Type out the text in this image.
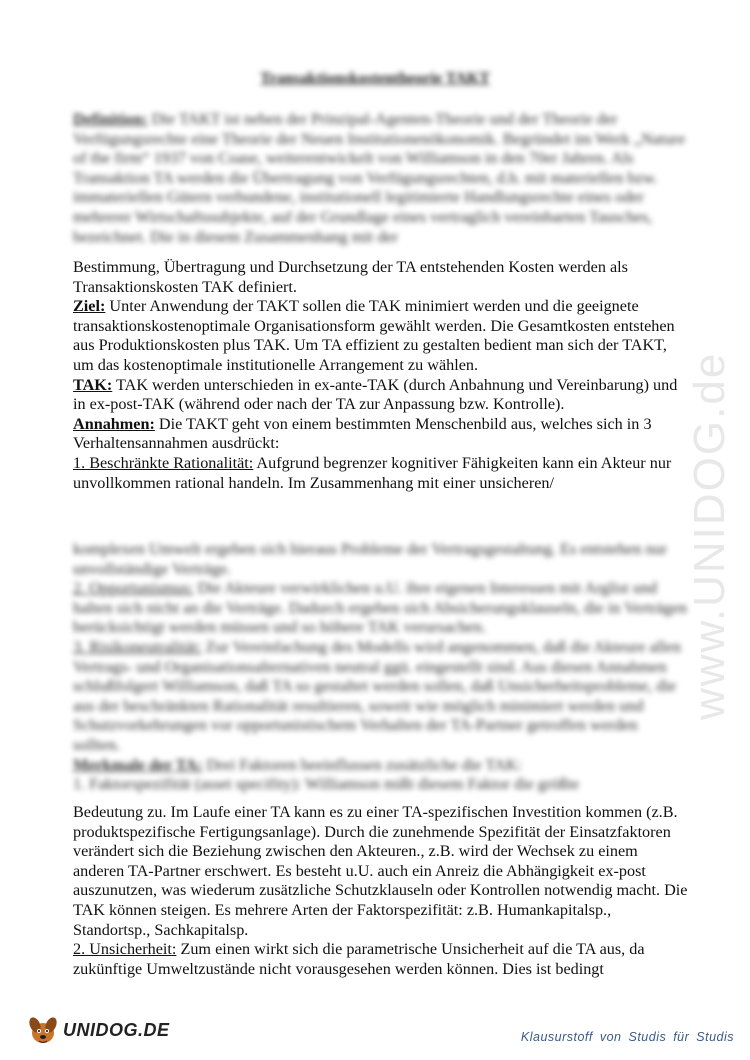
Transaktionskostentheorie TAKT
Definition: Die TAKT ist neben der Prinzipal-Agenten-Theorie und der Theorie der Verfügungsrechte eine Theorie der Neuen Institutionenökonomik. Begründet im Werk „Nature of the firm“ 1937 von Coase, weiterentwickelt von Williamson in den 70er Jahren. Als Transaktion TA werden die Übertragung von Verfügungsrechten, d.h. mit materiellen bzw. immateriellen Gütern verbundene, institutionell legitimierte Handlungsrechte eines oder mehrerer Wirtschaftssubjekte, auf der Grundlage eines vertraglich vereinbarten Tausches, bezeichnet. Die in diesem Zusammenhang mit der
Bestimmung, Übertragung und Durchsetzung der TA entstehenden Kosten werden als Transaktionskosten TAK definiert.
Ziel: Unter Anwendung der TAKT sollen die TAK minimiert werden und die geeignete transaktionskostenoptimale Organisationsform gewählt werden. Die Gesamtkosten entstehen aus Produktionskosten plus TAK. Um TA effizient zu gestalten bedient man sich der TAKT, um das kostenoptimale institutionelle Arrangement zu wählen.
TAK: TAK werden unterschieden in ex-ante-TAK (durch Anbahnung und Vereinbarung) und in ex-post-TAK (während oder nach der TA zur Anpassung bzw. Kontrolle).
Annahmen: Die TAKT geht von einem bestimmten Menschenbild aus, welches sich in 3 Verhaltensannahmen ausdrückt:
1. Beschränkte Rationalität: Aufgrund begrenzer kognitiver Fähigkeiten kann ein Akteur nur unvollkommen rational handeln. Im Zusammenhang mit einer unsicheren/
komplexen Umwelt ergeben sich hieraus Probleme der Vertragsgestaltung. Es entstehen nur unvollständige Verträge.
2. Opportunismus: Die Akteure verwirklichen u.U. ihre eigenen Interessen mit Arglist und halten sich nicht an die Verträge. Dadurch ergeben sich Absicherungsklauseln, die in Verträgen berücksichtigt werden müssen und so höhere TAK verursachen.
3. Risikoneutralität: Zur Vereinfachung des Modells wird angenommen, daß die Akteure allen Vertrags- und Organisationsalternativen neutral ggü. eingestellt sind. Aus diesen Annahmen schlußfolgert Williamson, daß TA so gestaltet werden sollen, daß Unsicherheitsprobleme, die aus der beschränkten Rationalität resultieren, soweit wie möglich minimiert werden und Schutzvorkehrungen vor opportunistischem Verhalten der TA-Partner getroffen werden sollten.
Merkmale der TA: Drei Faktoren beeinflussen zusätzliche die TAK:
1. Faktorspezifität (asset specifity): Williamson mißt diesem Faktor die größte
Bedeutung zu. Im Laufe einer TA kann es zu einer TA-spezifischen Investition kommen (z.B. produktspezifische Fertigungsanlage). Durch die zunehmende Spezifität der Einsatzfaktoren verändert sich die Beziehung zwischen den Akteuren., z.B. wird der Wechsek zu einem anderen TA-Partner erschwert. Es besteht u.U. auch ein Anreiz die Abhängigkeit ex-post auszunutzen, was wiederum zusätzliche Schutzklauseln oder Kontrollen notwendig macht. Die TAK können steigen. Es mehrere Arten der Faktorspezifität: z.B. Humankapitalsp., Standortsp., Sachkapitalsp.
2. Unsicherheit: Zum einen wirkt sich die parametrische Unsicherheit auf die TA aus, da zukünftige Umweltzustände nicht vorausgesehen werden können. Dies ist bedingt
www.UNIDOG.de
UNIDOG.DE	Klausurstoff von Studis für Studis
